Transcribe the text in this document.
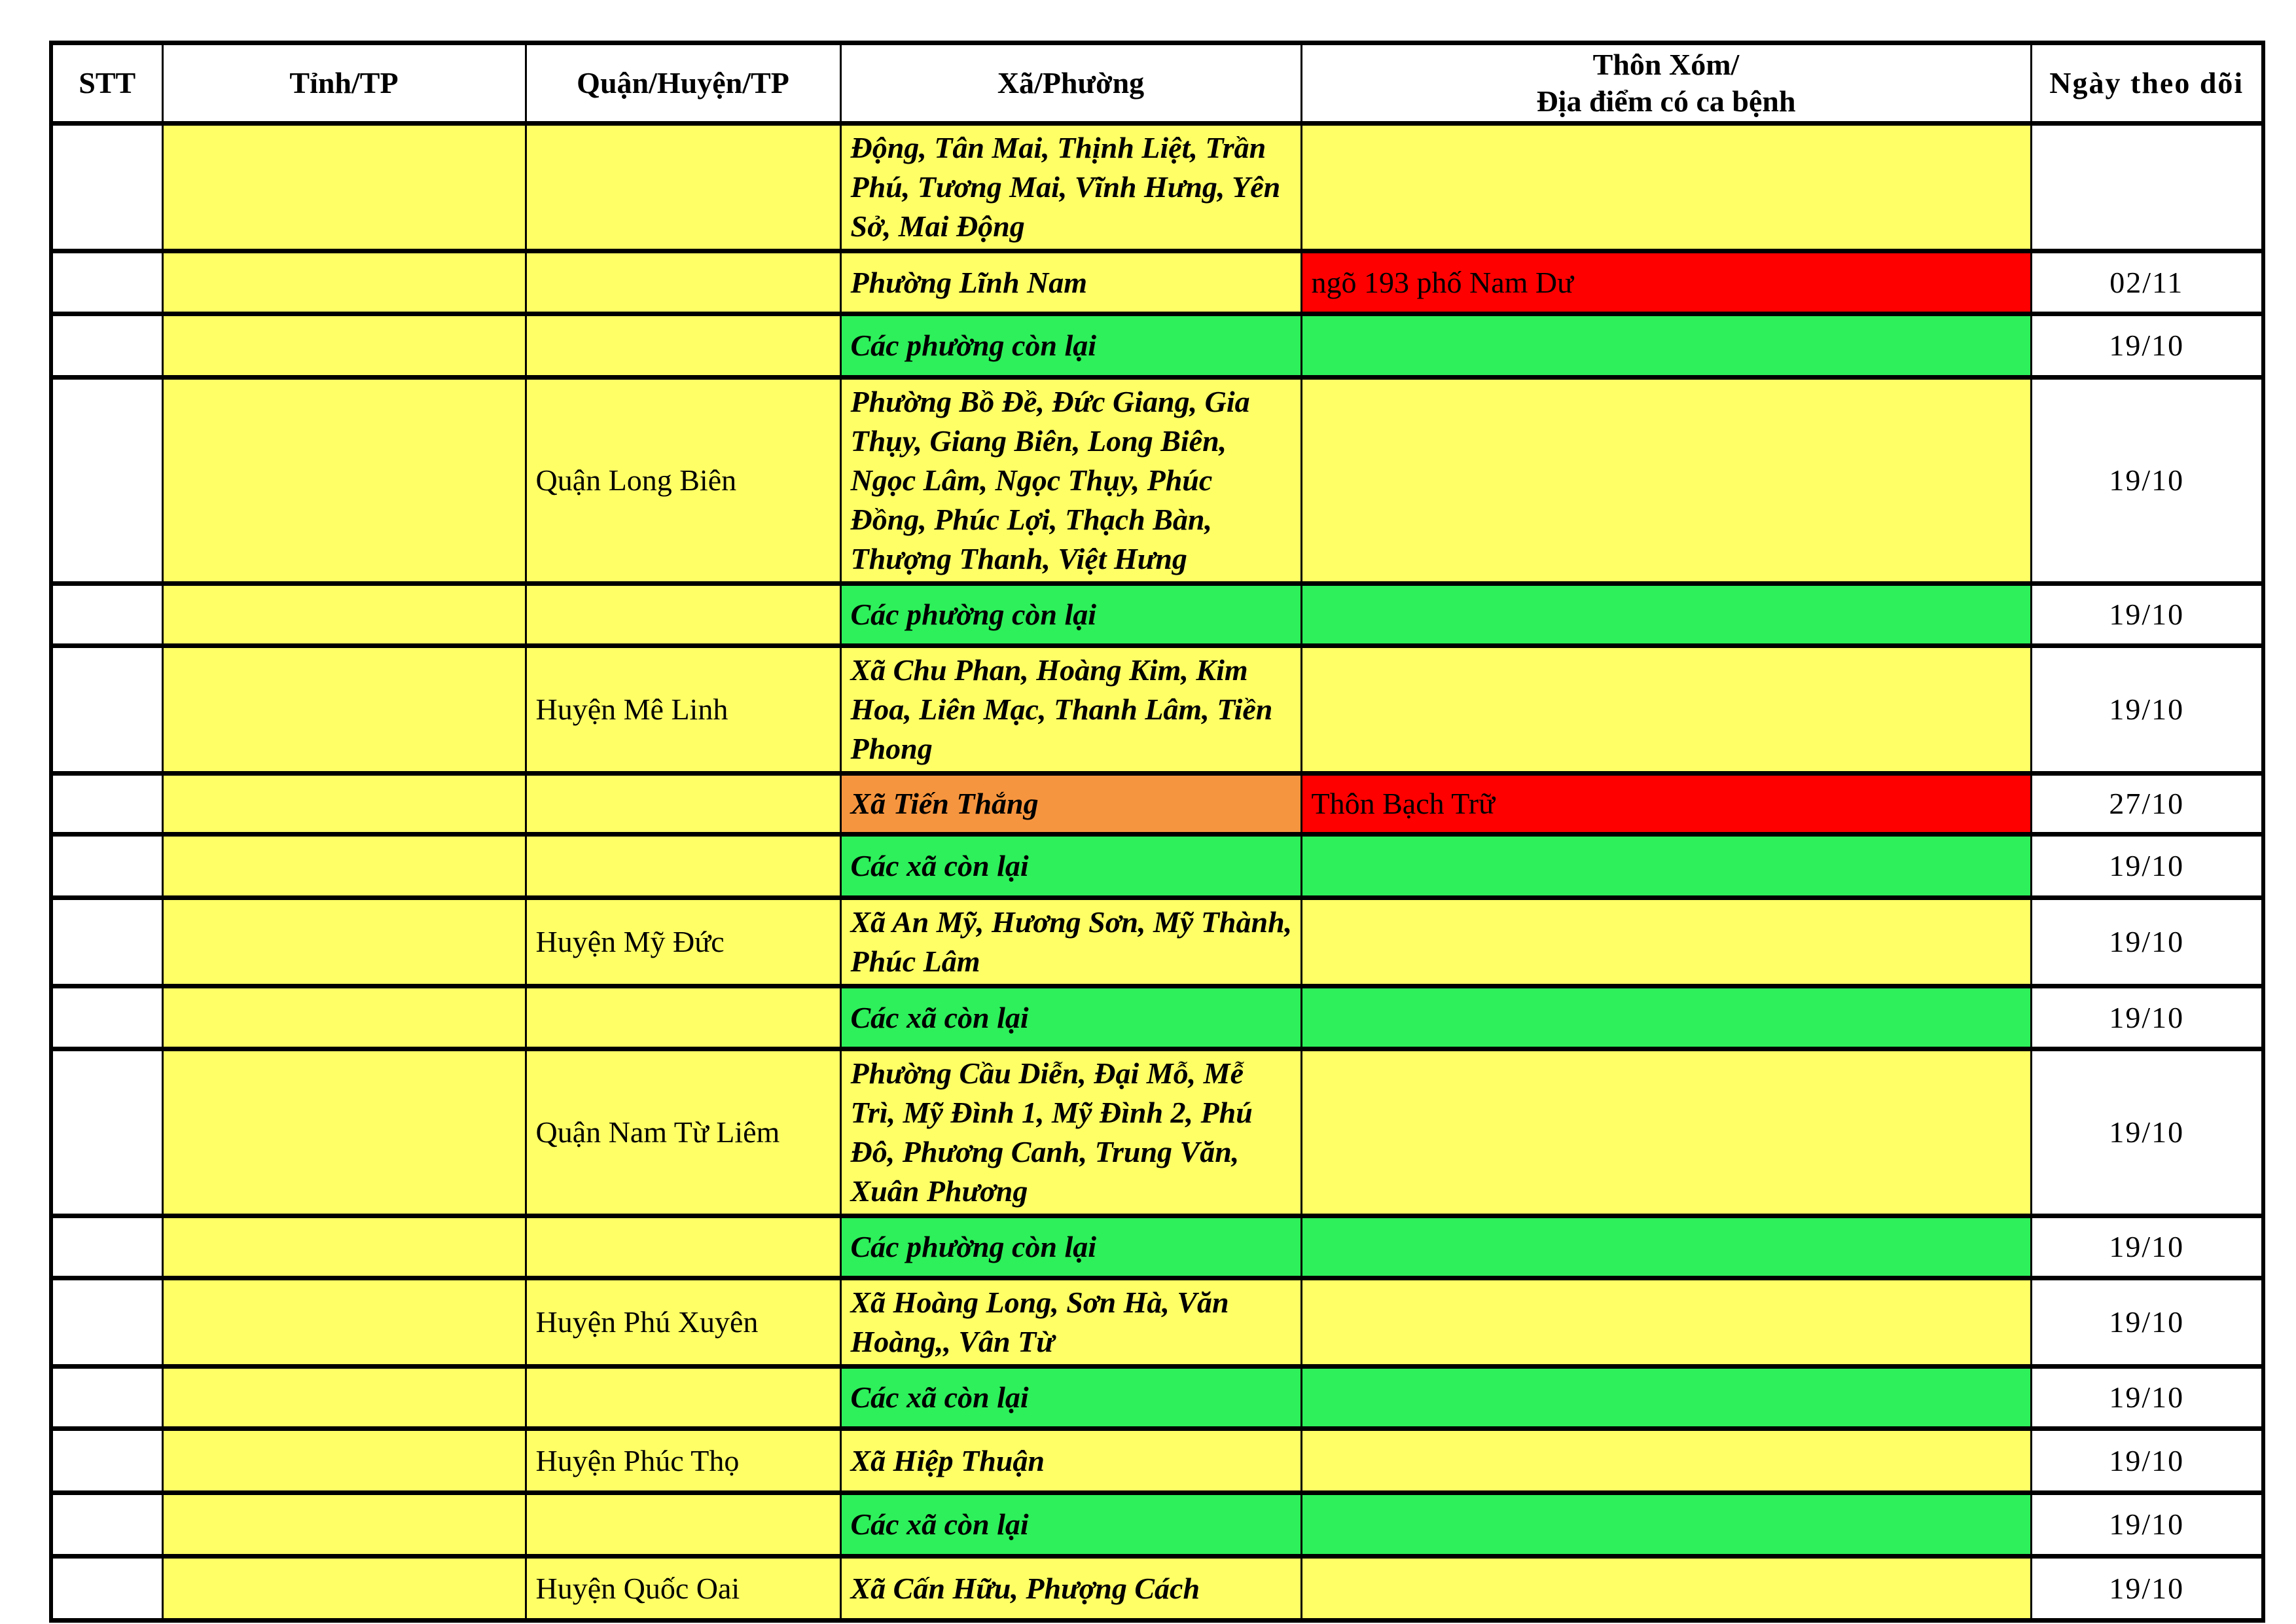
STT	Tỉnh/TP	Quận/Huyện/TP	Xã/Phường	Thôn Xóm/
Địa điểm có ca bệnh	Ngày theo dõi
			Động, Tân Mai, Thịnh Liệt, Trần Phú, Tương Mai, Vĩnh Hưng, Yên Sở, Mai Động		
			Phường Lĩnh Nam	ngõ 193 phố Nam Dư	02/11
			Các phường còn lại		19/10
		Quận Long Biên	Phường Bồ Đề, Đức Giang, Gia Thụy, Giang Biên, Long Biên, Ngọc Lâm, Ngọc Thụy, Phúc Đồng, Phúc Lợi, Thạch Bàn, Thượng Thanh, Việt Hưng		19/10
			Các phường còn lại		19/10
		Huyện Mê Linh	Xã Chu Phan, Hoàng Kim, Kim Hoa, Liên Mạc, Thanh Lâm, Tiền Phong		19/10
			Xã Tiến Thắng	Thôn Bạch Trữ	27/10
			Các xã còn lại		19/10
		Huyện Mỹ Đức	Xã An Mỹ, Hương Sơn, Mỹ Thành, Phúc Lâm		19/10
			Các xã còn lại		19/10
		Quận Nam Từ Liêm	Phường Cầu Diễn, Đại Mỗ, Mễ Trì, Mỹ Đình 1, Mỹ Đình 2, Phú Đô, Phương Canh, Trung Văn, Xuân Phương		19/10
			Các phường còn lại		19/10
		Huyện Phú Xuyên	Xã Hoàng Long, Sơn Hà, Văn Hoàng,, Vân Từ		19/10
			Các xã còn lại		19/10
		Huyện Phúc Thọ	Xã Hiệp Thuận		19/10
			Các xã còn lại		19/10
		Huyện Quốc Oai	Xã Cấn Hữu, Phượng Cách		19/10
